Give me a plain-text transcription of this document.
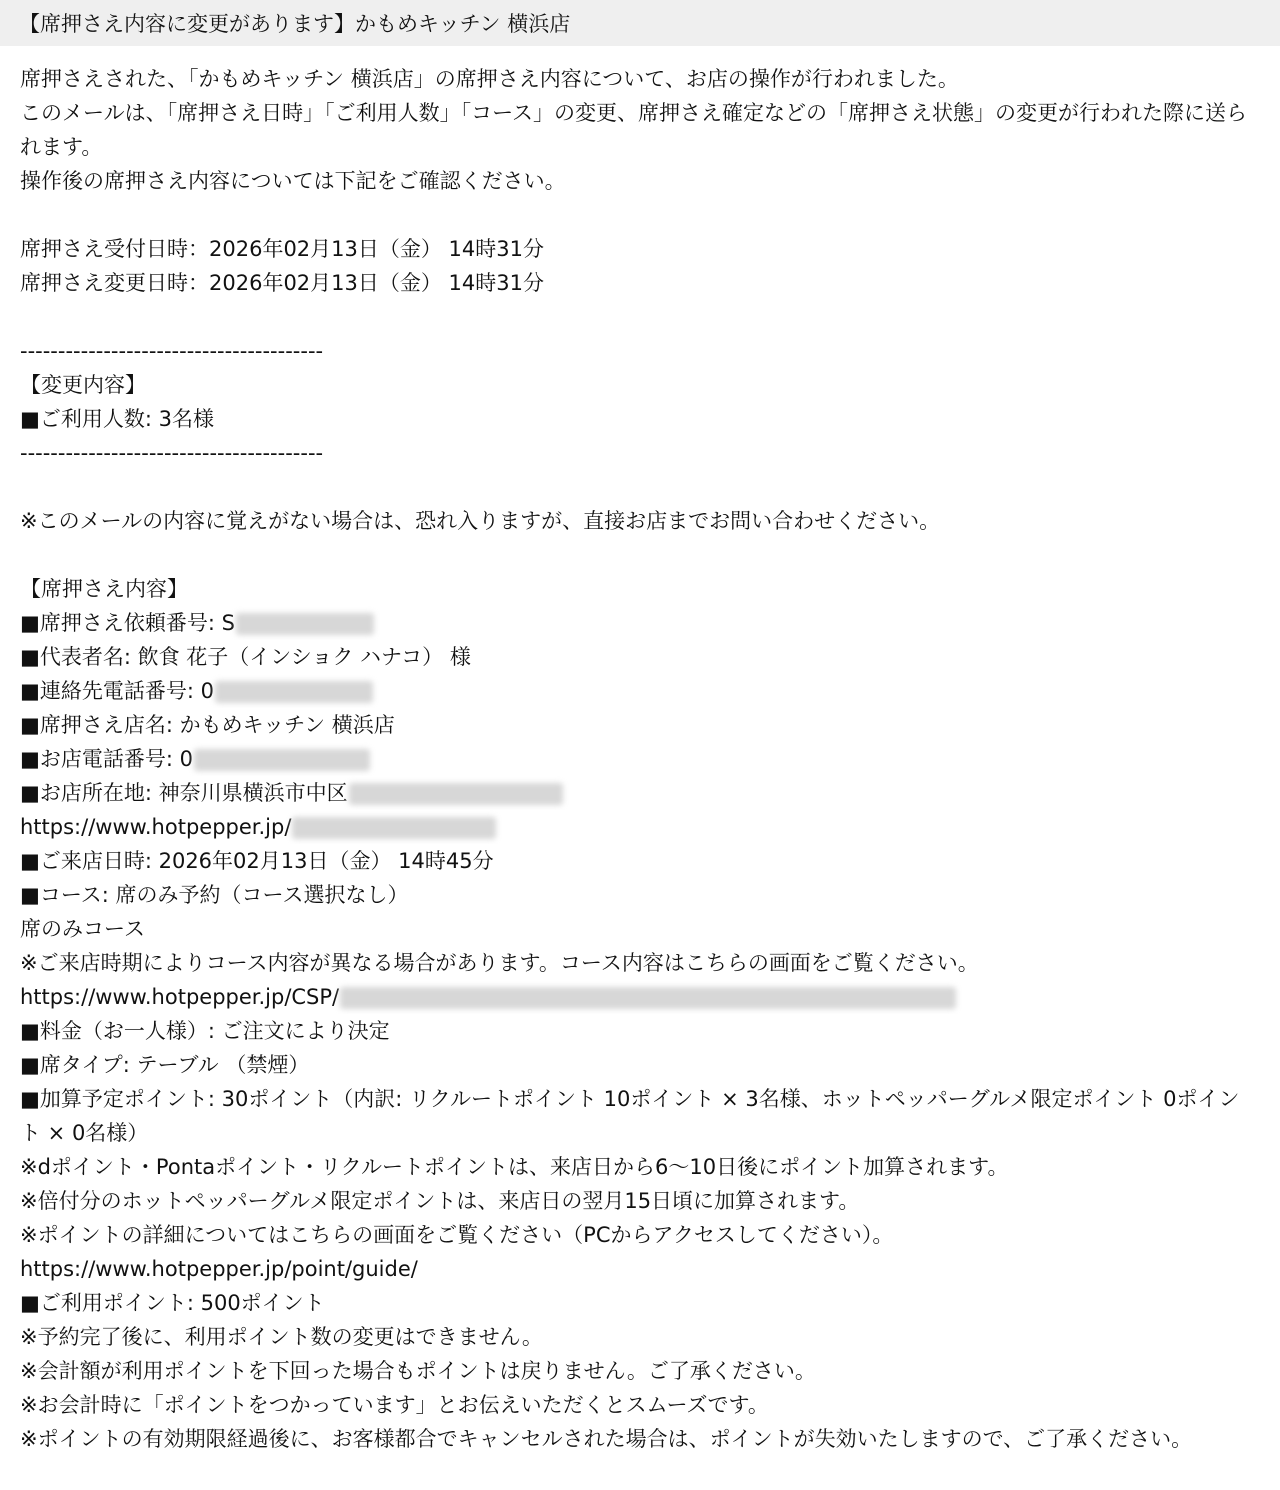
【席押さえ内容に変更があります】かもめキッチン 横浜店
席押さえされた、「かもめキッチン 横浜店」の席押さえ内容について、お店の操作が行われました。
このメールは、「席押さえ日時」「ご利用人数」「コース」の変更、席押さえ確定などの「席押さえ状態」の変更が行われた際に送られます。
操作後の席押さえ内容については下記をご確認ください。
席押さえ受付日時：2026年02月13日（金） 14時31分
席押さえ変更日時：2026年02月13日（金） 14時31分
----------------------------------------
【変更内容】
■ご利用人数: 3名様
----------------------------------------
※このメールの内容に覚えがない場合は、恐れ入りますが、直接お店までお問い合わせください。
【席押さえ内容】
■席押さえ依頼番号: S
■代表者名: 飲食 花子（インショク ハナコ） 様
■連絡先電話番号: 0
■席押さえ店名: かもめキッチン 横浜店
■お店電話番号: 0
■お店所在地: 神奈川県横浜市中区
https://www.hotpepper.jp/
■ご来店日時: 2026年02月13日（金） 14時45分
■コース: 席のみ予約（コース選択なし）
席のみコース
※ご来店時期によりコース内容が異なる場合があります。コース内容はこちらの画面をご覧ください。
https://www.hotpepper.jp/CSP/
■料金（お一人様）: ご注文により決定
■席タイプ: テーブル （禁煙）
■加算予定ポイント: 30ポイント（内訳: リクルートポイント 10ポイント × 3名様、ホットペッパーグルメ限定ポイント 0ポイント × 0名様）
※dポイント・Pontaポイント・リクルートポイントは、来店日から6～10日後にポイント加算されます。
※倍付分のホットペッパーグルメ限定ポイントは、来店日の翌月15日頃に加算されます。
※ポイントの詳細についてはこちらの画面をご覧ください（PCからアクセスしてください）。
https://www.hotpepper.jp/point/guide/
■ご利用ポイント: 500ポイント
※予約完了後に、利用ポイント数の変更はできません。
※会計額が利用ポイントを下回った場合もポイントは戻りません。ご了承ください。
※お会計時に「ポイントをつかっています」とお伝えいただくとスムーズです。
※ポイントの有効期限経過後に、お客様都合でキャンセルされた場合は、ポイントが失効いたしますので、ご了承ください。
